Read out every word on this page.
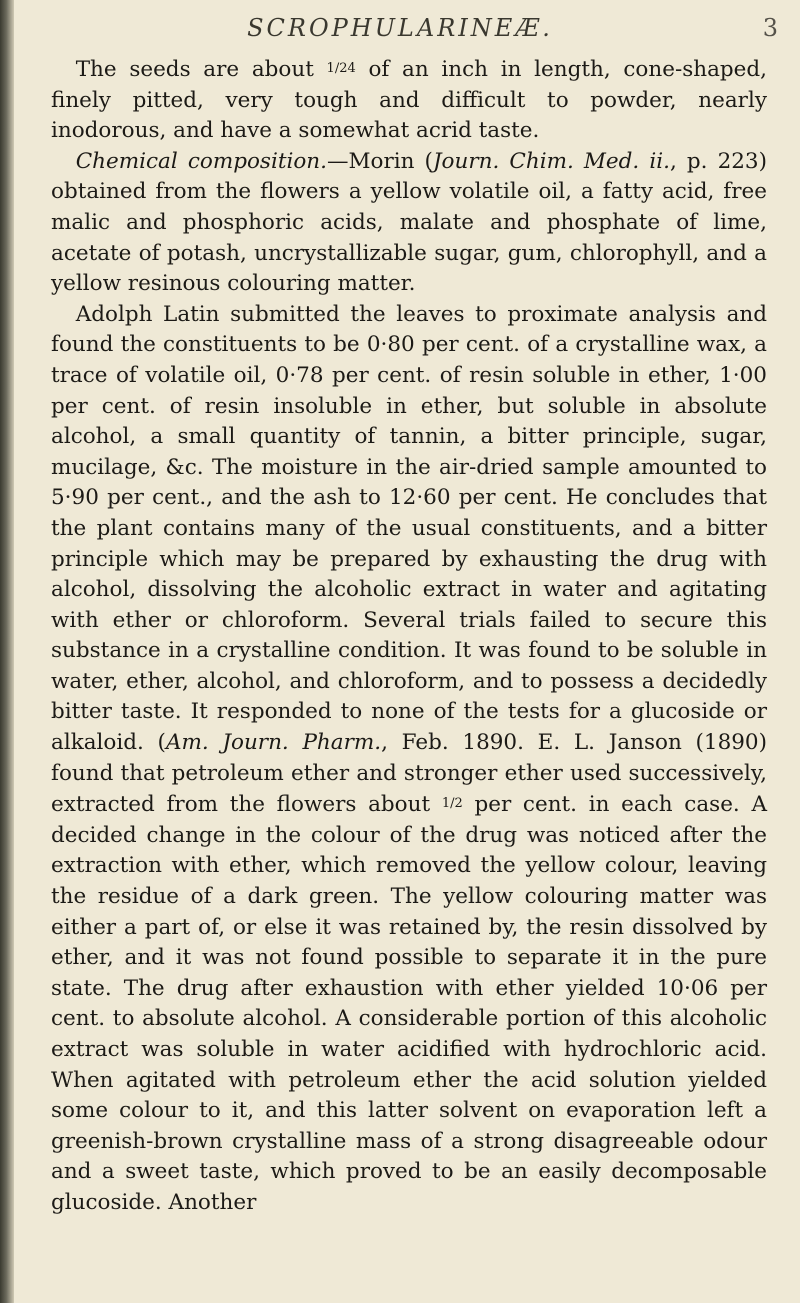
SCROPHULARINEÆ.	3

The seeds are about 1/24 of an inch in length, cone-shaped, finely pitted, very tough and difficult to powder, nearly inodorous, and have a somewhat acrid taste.

Chemical composition.—Morin (Journ. Chim. Med. ii., p. 223) obtained from the flowers a yellow volatile oil, a fatty acid, free malic and phosphoric acids, malate and phosphate of lime, acetate of potash, uncrystallizable sugar, gum, chlorophyll, and a yellow resinous colouring matter.

Adolph Latin submitted the leaves to proximate analysis and found the constituents to be 0·80 per cent. of a crystalline wax, a trace of volatile oil, 0·78 per cent. of resin soluble in ether, 1·00 per cent. of resin insoluble in ether, but soluble in absolute alcohol, a small quantity of tannin, a bitter principle, sugar, mucilage, &c. The moisture in the air-dried sample amounted to 5·90 per cent., and the ash to 12·60 per cent. He concludes that the plant contains many of the usual constituents, and a bitter principle which may be prepared by exhausting the drug with alcohol, dissolving the alcoholic extract in water and agitating with ether or chloroform. Several trials failed to secure this substance in a crystalline condition. It was found to be soluble in water, ether, alcohol, and chloroform, and to possess a decidedly bitter taste. It responded to none of the tests for a glucoside or alkaloid. (Am. Journ. Pharm., Feb. 1890. E. L. Janson (1890) found that petroleum ether and stronger ether used successively, extracted from the flowers about 1/2 per cent. in each case. A decided change in the colour of the drug was noticed after the extraction with ether, which removed the yellow colour, leaving the residue of a dark green. The yellow colouring matter was either a part of, or else it was retained by, the resin dissolved by ether, and it was not found possible to separate it in the pure state. The drug after exhaustion with ether yielded 10·06 per cent. to absolute alcohol. A considerable portion of this alcoholic extract was soluble in water acidified with hydrochloric acid. When agitated with petroleum ether the acid solution yielded some colour to it, and this latter solvent on evaporation left a greenish-brown crystalline mass of a strong disagreeable odour and a sweet taste, which proved to be an easily decomposable glucoside. Another
